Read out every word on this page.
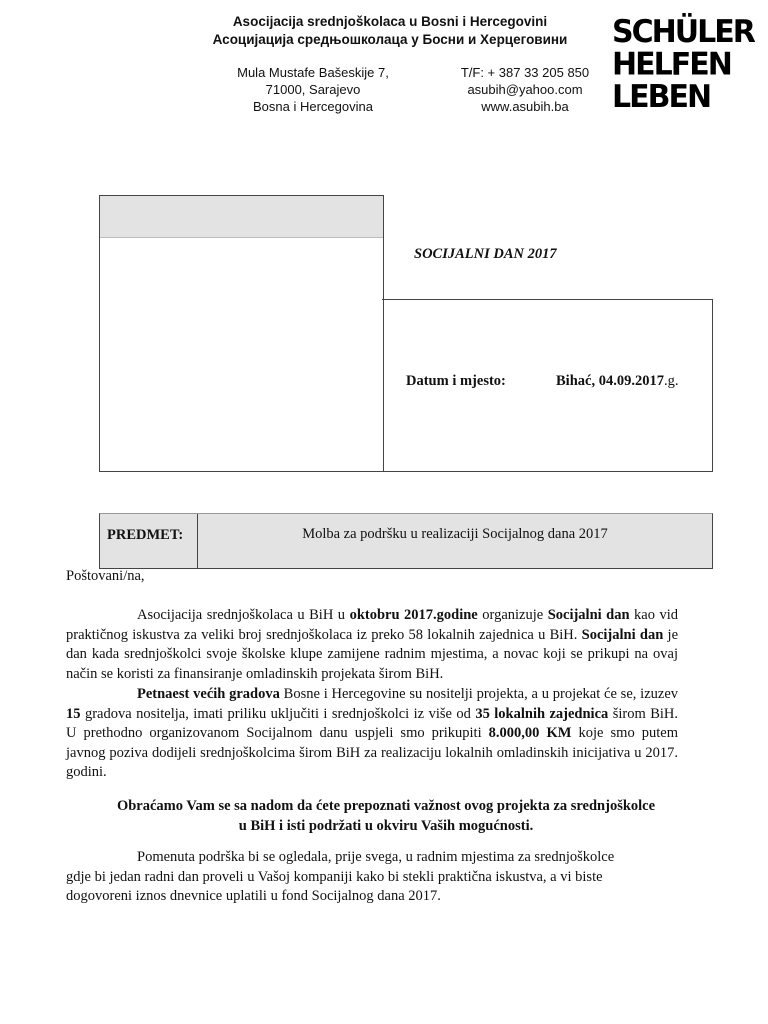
Asocijacija srednjoškolaca u Bosni i Hercegovini
Асоцијација средњошколаца у Босни и Херцеговини
Mula Mustafe Bašeskije 7,
71000, Sarajevo
Bosna i Hercegovina
T/F: + 387 33 205 850
asubih@yahoo.com
www.asubih.ba
SCHÜLER
HELFEN
LEBEN
SOCIJALNI DAN 2017
Datum i mjesto:	Bihać, 04.09.2017.g.
PREDMET:	Molba za podršku u realizaciji Socijalnog dana 2017
Poštovani/na,
Asocijacija srednjoškolaca u BiH u oktobru 2017.godine organizuje Socijalni dan kao vid praktičnog iskustva za veliki broj srednjoškolaca iz preko 58 lokalnih zajednica u BiH. Socijalni dan je dan kada srednjoškolci svoje školske klupe zamijene radnim mjestima, a novac koji se prikupi na ovaj način se koristi za finansiranje omladinskih projekata širom BiH.
Petnaest većih gradova Bosne i Hercegovine su nositelji projekta, a u projekat će se, izuzev 15 gradova nositelja, imati priliku uključiti i srednjoškolci iz više od 35 lokalnih zajednica širom BiH. U prethodno organizovanom Socijalnom danu uspjeli smo prikupiti 8.000,00 KM koje smo putem javnog poziva dodijeli srednjoškolcima širom BiH za realizaciju lokalnih omladinskih inicijativa u 2017. godini.
Obraćamo Vam se sa nadom da ćete prepoznati važnost ovog projekta za srednjoškolce
u BiH i isti podržati u okviru Vaših mogućnosti.
Pomenuta podrška bi se ogledala, prije svega, u radnim mjestima za srednjoškolce
gdje bi jedan radni dan proveli u Vašoj kompaniji kako bi stekli praktična iskustva, a vi biste
dogovoreni iznos dnevnice uplatili u fond Socijalnog dana 2017.
